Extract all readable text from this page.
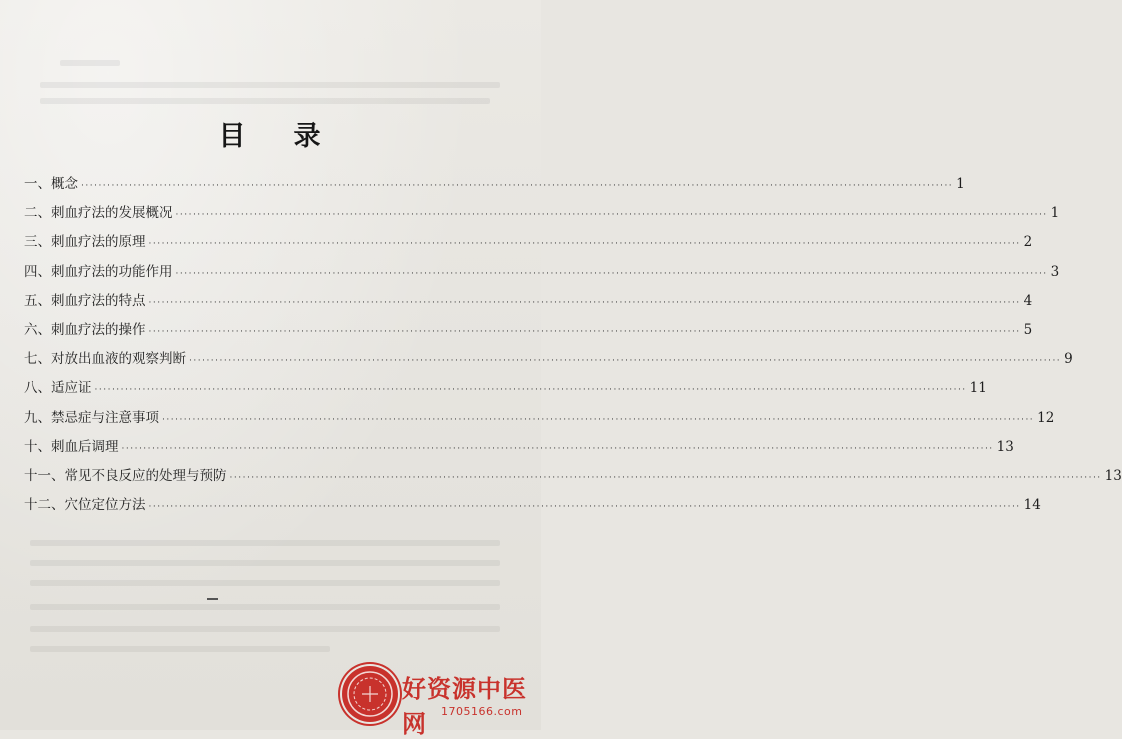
目 录
一、概念 ········································································································································································································ 1
二、刺血疗法的发展概况 ········································································································································································································ 1
三、刺血疗法的原理 ········································································································································································································ 2
四、刺血疗法的功能作用 ········································································································································································································ 3
五、刺血疗法的特点 ········································································································································································································ 4
六、刺血疗法的操作 ········································································································································································································ 5
七、对放出血液的观察判断 ········································································································································································································ 9
八、适应证 ········································································································································································································ 11
九、禁忌症与注意事项 ········································································································································································································ 12
十、刺血后调理 ········································································································································································································ 13
十一、常见不良反应的处理与预防 ········································································································································································································ 13
十二、穴位定位方法 ········································································································································································································ 14
好资源中医网	1705166.com
